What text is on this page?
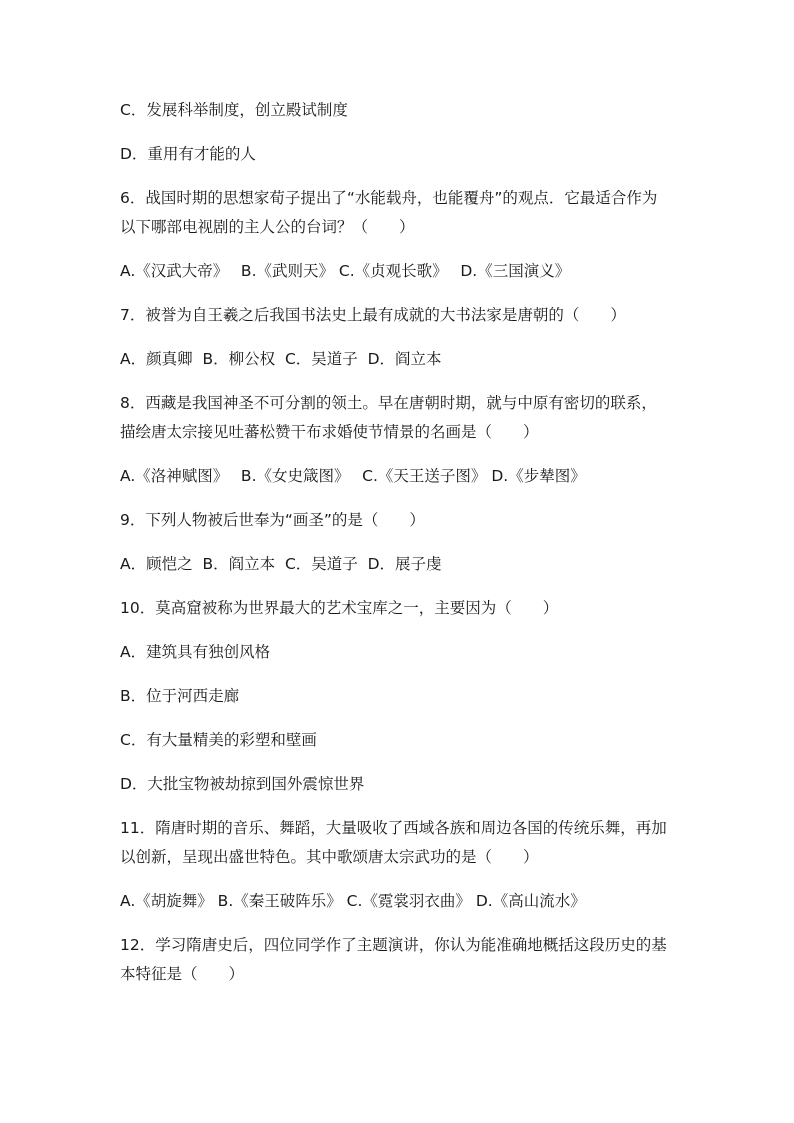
C．发展科举制度，创立殿试制度

D．重用有才能的人

6．战国时期的思想家荀子提出了“水能载舟，也能覆舟”的观点．它最适合作为

以下哪部电视剧的主人公的台词？（　　）

A.《汉武大帝》　 B.《武则天》 C.《贞观长歌》　 D.《三国演义》

7．被誉为自王羲之后我国书法史上最有成就的大书法家是唐朝的（　　）

A．颜真卿  B．柳公权  C．吴道子  D．阎立本

8．西藏是我国神圣不可分割的领土。早在唐朝时期，就与中原有密切的联系，

描绘唐太宗接见吐蕃松赞干布求婚使节情景的名画是（　　）

A.《洛神赋图》　 B.《女史箴图》　 C.《天王送子图》 D.《步辇图》

9．下列人物被后世奉为“画圣”的是（　　）

A．顾恺之  B．阎立本  C．吴道子  D．展子虔

10．莫高窟被称为世界最大的艺术宝库之一，主要因为（　　）

A．建筑具有独创风格

B．位于河西走廊

C．有大量精美的彩塑和壁画

D．大批宝物被劫掠到国外震惊世界

11．隋唐时期的音乐、舞蹈，大量吸收了西域各族和周边各国的传统乐舞，再加

以创新，呈现出盛世特色。其中歌颂唐太宗武功的是（　　）

A.《胡旋舞》 B.《秦王破阵乐》 C.《霓裳羽衣曲》 D.《高山流水》

12．学习隋唐史后，四位同学作了主题演讲，你认为能准确地概括这段历史的基

本特征是（　　）
